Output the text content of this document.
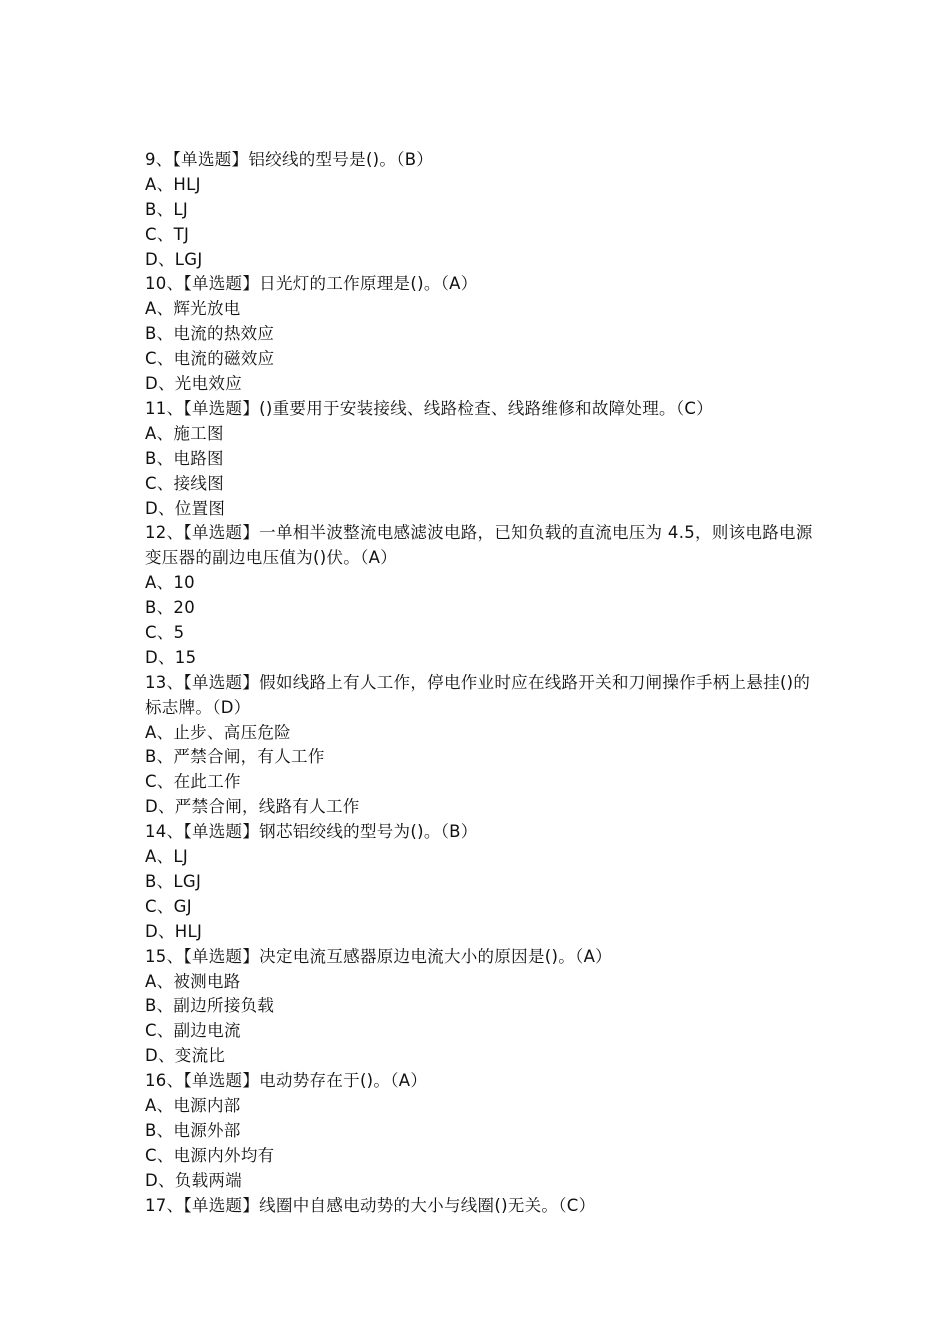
9、【单选题】铝绞线的型号是()。（B）
A、HLJ
B、LJ
C、TJ
D、LGJ
10、【单选题】日光灯的工作原理是()。（A）
A、辉光放电
B、电流的热效应
C、电流的磁效应
D、光电效应
11、【单选题】()重要用于安装接线、线路检查、线路维修和故障处理。（C）
A、施工图
B、电路图
C、接线图
D、位置图
12、【单选题】一单相半波整流电感滤波电路，已知负载的直流电压为 4.5，则该电路电源变压器的副边电压值为()伏。（A）
A、10
B、20
C、5
D、15
13、【单选题】假如线路上有人工作，停电作业时应在线路开关和刀闸操作手柄上悬挂()的标志牌。（D）
A、止步、高压危险
B、严禁合闸，有人工作
C、在此工作
D、严禁合闸，线路有人工作
14、【单选题】钢芯铝绞线的型号为()。（B）
A、LJ
B、LGJ
C、GJ
D、HLJ
15、【单选题】决定电流互感器原边电流大小的原因是()。（A）
A、被测电路
B、副边所接负载
C、副边电流
D、变流比
16、【单选题】电动势存在于()。（A）
A、电源内部
B、电源外部
C、电源内外均有
D、负载两端
17、【单选题】线圈中自感电动势的大小与线圈()无关。（C）
